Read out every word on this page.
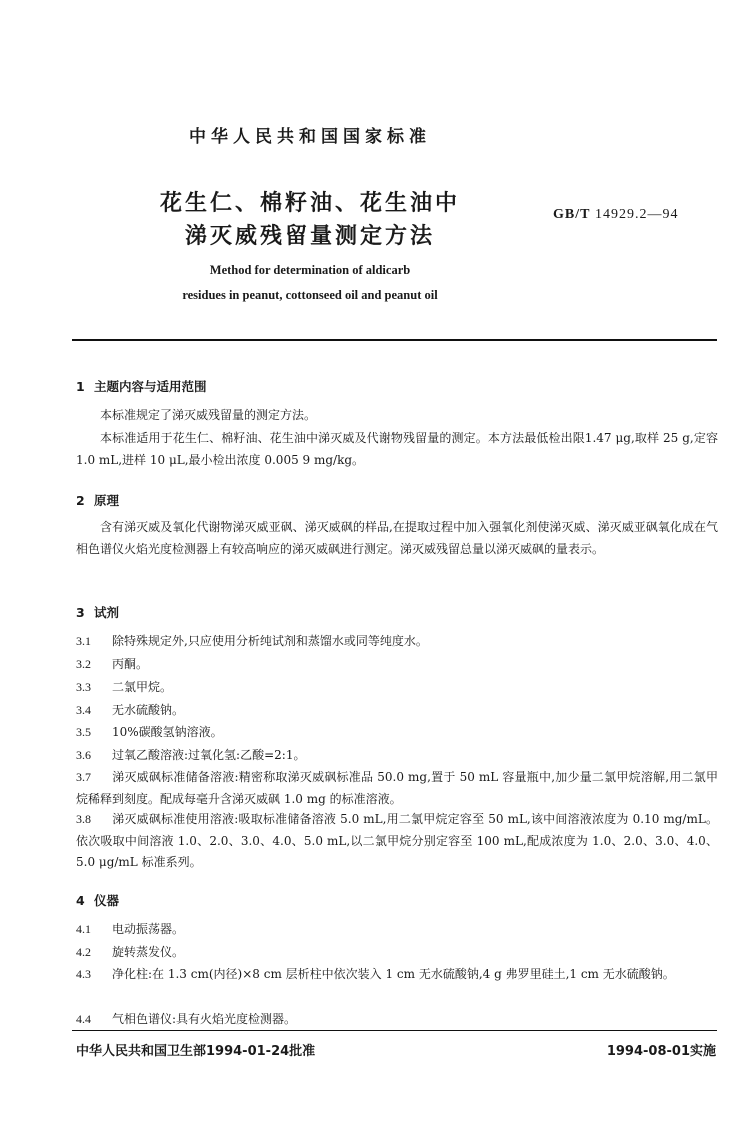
中华人民共和国国家标准
花生仁、棉籽油、花生油中
涕灭威残留量测定方法
GB/T 14929.2—94
Method for determination of aldicarb
residues in peanut, cottonseed oil and peanut oil
1 主题内容与适用范围
本标准规定了涕灭威残留量的测定方法。
本标准适用于花生仁、棉籽油、花生油中涕灭威及代谢物残留量的测定。本方法最低检出限1.47 μg,取样 25 g,定容 1.0 mL,进样 10 μL,最小检出浓度 0.005 9 mg/kg。
2 原理
含有涕灭威及氧化代谢物涕灭威亚砜、涕灭威砜的样品,在提取过程中加入强氧化剂使涕灭威、涕灭威亚砜氧化成在气相色谱仪火焰光度检测器上有较高响应的涕灭威砜进行测定。涕灭威残留总量以涕灭威砜的量表示。
3 试剂
3.1 除特殊规定外,只应使用分析纯试剂和蒸馏水或同等纯度水。
3.2 丙酮。
3.3 二氯甲烷。
3.4 无水硫酸钠。
3.5 10%碳酸氢钠溶液。
3.6 过氧乙酸溶液:过氧化氢:乙酸=2:1。
3.7 涕灭威砜标准储备溶液:精密称取涕灭威砜标准品 50.0 mg,置于 50 mL 容量瓶中,加少量二氯甲烷溶解,用二氯甲烷稀释到刻度。配成每毫升含涕灭威砜 1.0 mg 的标准溶液。
3.8 涕灭威砜标准使用溶液:吸取标准储备溶液 5.0 mL,用二氯甲烷定容至 50 mL,该中间溶液浓度为 0.10 mg/mL。依次吸取中间溶液 1.0、2.0、3.0、4.0、5.0 mL,以二氯甲烷分别定容至 100 mL,配成浓度为 1.0、2.0、3.0、4.0、5.0 μg/mL 标准系列。
4 仪器
4.1 电动振荡器。
4.2 旋转蒸发仪。
4.3 净化柱:在 1.3 cm(内径)×8 cm 层析柱中依次装入 1 cm 无水硫酸钠,4 g 弗罗里硅土,1 cm 无水硫酸钠。
4.4 气相色谱仪:具有火焰光度检测器。
中华人民共和国卫生部1994-01-24批准	1994-08-01实施
